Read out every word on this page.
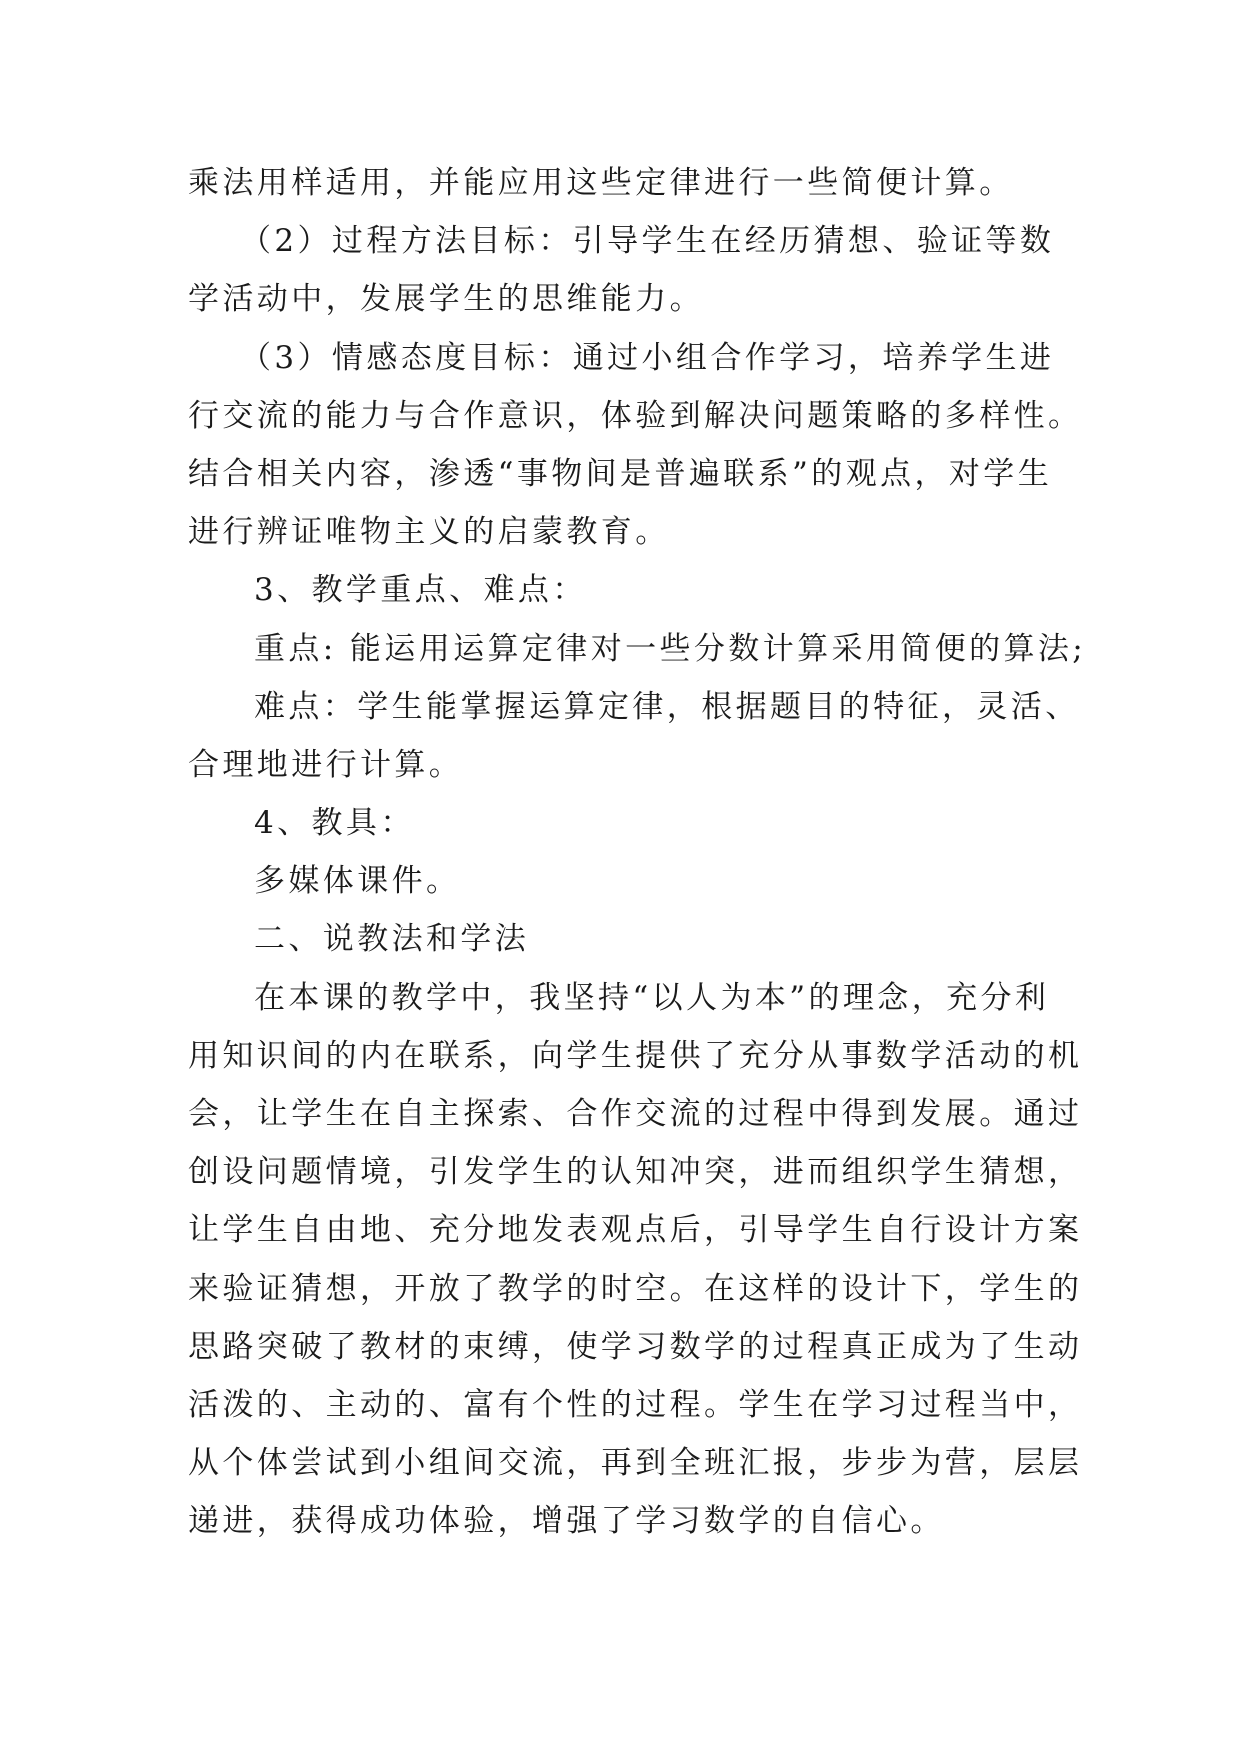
乘法用样适用，并能应用这些定律进行一些简便计算。
（2）过程方法目标：引导学生在经历猜想、验证等数
学活动中，发展学生的思维能力。
（3）情感态度目标：通过小组合作学习，培养学生进
行交流的能力与合作意识，体验到解决问题策略的多样性。
结合相关内容，渗透“事物间是普遍联系”的观点，对学生
进行辨证唯物主义的启蒙教育。
3、教学重点、难点：
重点: 能运用运算定律对一些分数计算采用简便的算法;
难点：学生能掌握运算定律，根据题目的特征，灵活、
合理地进行计算。
4、教具：
多媒体课件。
二、说教法和学法
在本课的教学中，我坚持“以人为本”的理念，充分利
用知识间的内在联系，向学生提供了充分从事数学活动的机
会，让学生在自主探索、合作交流的过程中得到发展。通过
创设问题情境，引发学生的认知冲突，进而组织学生猜想，
让学生自由地、充分地发表观点后，引导学生自行设计方案
来验证猜想，开放了教学的时空。在这样的设计下，学生的
思路突破了教材的束缚，使学习数学的过程真正成为了生动
活泼的、主动的、富有个性的过程。学生在学习过程当中，
从个体尝试到小组间交流，再到全班汇报，步步为营，层层
递进，获得成功体验，增强了学习数学的自信心。
